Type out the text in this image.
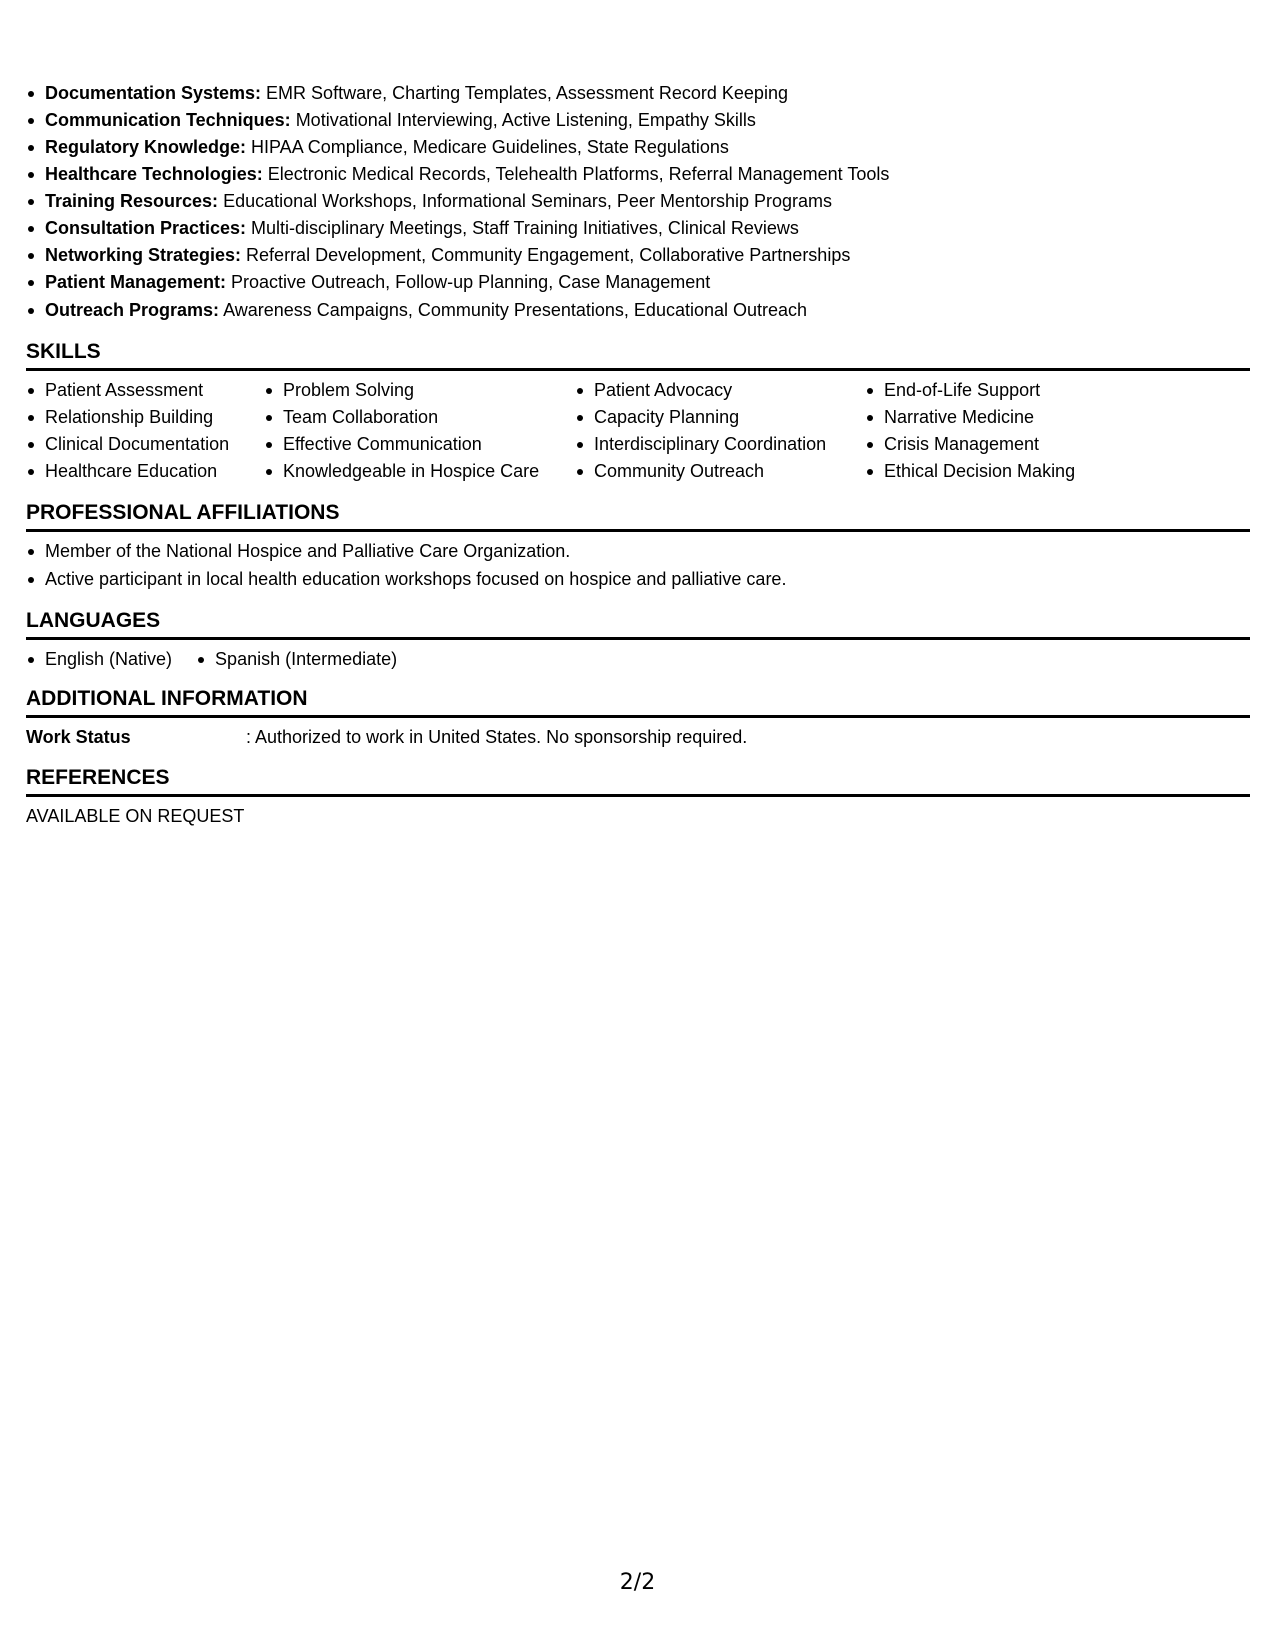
Documentation Systems: EMR Software, Charting Templates, Assessment Record Keeping
Communication Techniques: Motivational Interviewing, Active Listening, Empathy Skills
Regulatory Knowledge: HIPAA Compliance, Medicare Guidelines, State Regulations
Healthcare Technologies: Electronic Medical Records, Telehealth Platforms, Referral Management Tools
Training Resources: Educational Workshops, Informational Seminars, Peer Mentorship Programs
Consultation Practices: Multi-disciplinary Meetings, Staff Training Initiatives, Clinical Reviews
Networking Strategies: Referral Development, Community Engagement, Collaborative Partnerships
Patient Management: Proactive Outreach, Follow-up Planning, Case Management
Outreach Programs: Awareness Campaigns, Community Presentations, Educational Outreach
SKILLS
Patient Assessment
Relationship Building
Clinical Documentation
Healthcare Education
Problem Solving
Team Collaboration
Effective Communication
Knowledgeable in Hospice Care
Patient Advocacy
Capacity Planning
Interdisciplinary Coordination
Community Outreach
End-of-Life Support
Narrative Medicine
Crisis Management
Ethical Decision Making
PROFESSIONAL AFFILIATIONS
Member of the National Hospice and Palliative Care Organization.
Active participant in local health education workshops focused on hospice and palliative care.
LANGUAGES
English (Native)	Spanish (Intermediate)
ADDITIONAL INFORMATION
Work Status	: Authorized to work in United States. No sponsorship required.
REFERENCES
AVAILABLE ON REQUEST
2/2
